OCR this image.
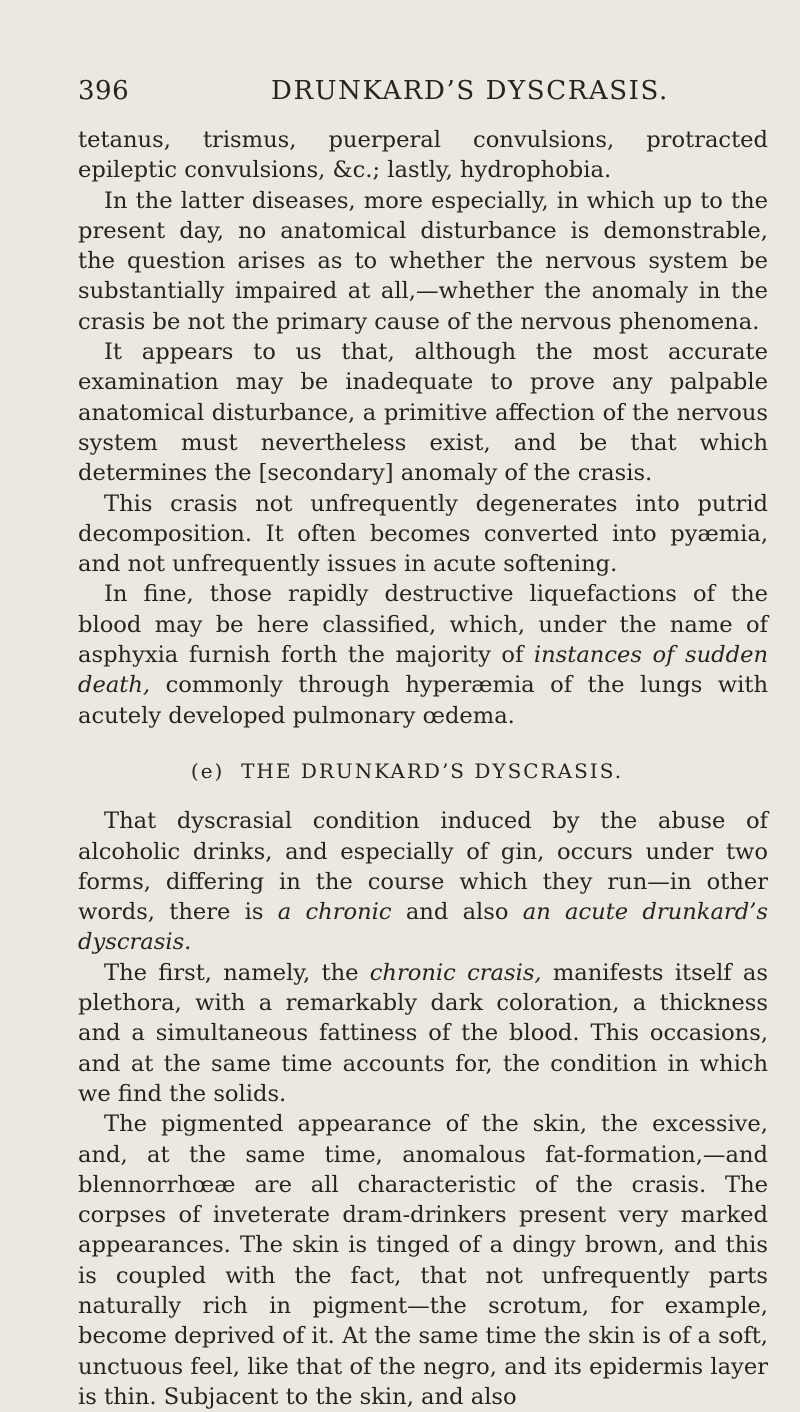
396	DRUNKARD’S DYSCRASIS.

tetanus, trismus, puerperal convulsions, protracted epileptic convulsions, &c.; lastly, hydrophobia.

In the latter diseases, more especially, in which up to the present day, no anatomical disturbance is demonstrable, the question arises as to whether the nervous system be substantially impaired at all,—whether the anomaly in the crasis be not the primary cause of the nervous phenomena.

It appears to us that, although the most accurate examination may be inadequate to prove any palpable anatomical disturbance, a primitive affection of the nervous system must nevertheless exist, and be that which determines the [secondary] anomaly of the crasis.

This crasis not unfrequently degenerates into putrid decomposition. It often becomes converted into pyæmia, and not unfrequently issues in acute softening.

In fine, those rapidly destructive liquefactions of the blood may be here classified, which, under the name of asphyxia furnish forth the majority of instances of sudden death, commonly through hyperæmia of the lungs with acutely developed pulmonary œdema.

(e) THE DRUNKARD’S DYSCRASIS.

That dyscrasial condition induced by the abuse of alcoholic drinks, and especially of gin, occurs under two forms, differing in the course which they run—in other words, there is a chronic and also an acute drunkard’s dyscrasis.

The first, namely, the chronic crasis, manifests itself as plethora, with a remarkably dark coloration, a thickness and a simultaneous fattiness of the blood. This occasions, and at the same time accounts for, the condition in which we find the solids.

The pigmented appearance of the skin, the excessive, and, at the same time, anomalous fat-formation,—and blennorrhœæ are all characteristic of the crasis. The corpses of inveterate dram-drinkers present very marked appearances. The skin is tinged of a dingy brown, and this is coupled with the fact, that not unfrequently parts naturally rich in pigment—the scrotum, for example, become deprived of it. At the same time the skin is of a soft, unctuous feel, like that of the negro, and its epidermis layer is thin. Subjacent to the skin, and also
